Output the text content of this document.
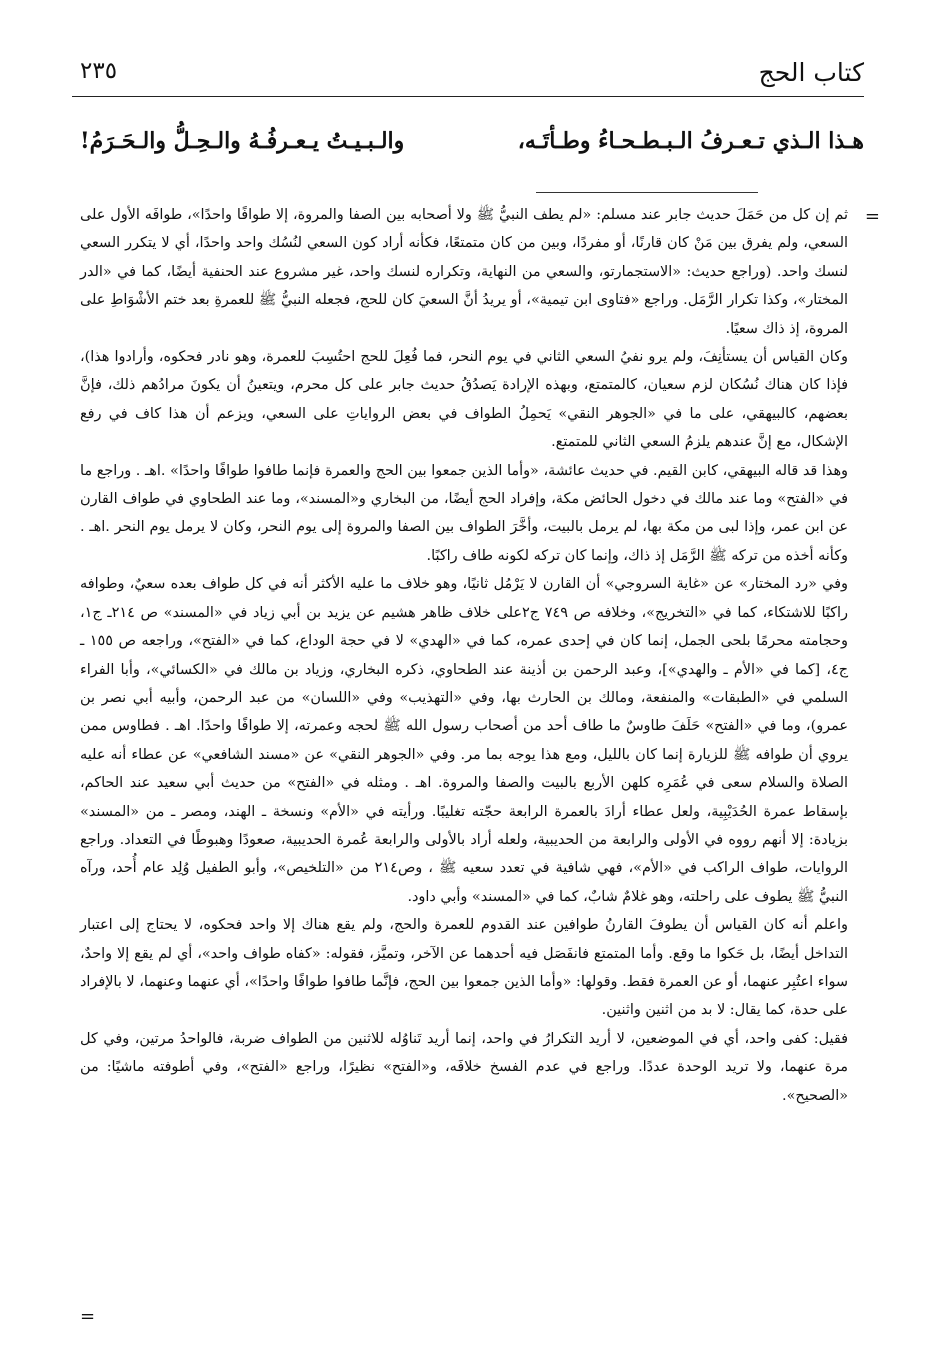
كتاب الحج
٢٣٥
هـذا الـذي تـعـرفُ الـبـطـحـاءُ وطـأتَـه،
والـبـيـتُ يـعـرفُـهُ والـحِـلُّ والـحَـرَمُ!
=

ثم إن كل من حَمَلَ حديث جابر عند مسلم: «لم يطف النبيُّ ﷺ ولا أصحابه بين الصفا والمروة، إلا طوافًا واحدًا»، طوافَه الأول على السعي، ولم يفرق بين مَنْ كان قارنًا، أو مفردًا، وبين من كان متمتعًا، فكأنه أراد كون السعي لنُسُك واحد واحدًا، أي لا يتكرر السعي لنسك واحد. (وراجع حديث: «الاستجمارتو، والسعي من النهاية، وتكراره لنسك واحد، غير مشروع عند الحنفية أيضًا، كما في «الدر المختار»، وكذا تكرار الرَّمَل. وراجع «فتاوى ابن تيمية»، أو يريدُ أنَّ السعيَ كان للحج، فجعله النبيُّ ﷺ للعمرةِ بعد ختم الأشْوَاطِ على المروة، إذ ذاك سعيًا.

وكان القياس أن يستأنِفَ، ولم يرو نفيُ السعي الثاني في يوم النحر، فما فُعِلَ للحج احتُسِبَ للعمرة، وهو نادر فحكوه، وأرادوا هذا)، فإذا كان هناك نُسُكان لزم سعيان، كالمتمتع، وبهذه الإرادة يَصدُقُ حديث جابر على كل محرم، ويتعينُ أن يكونَ مرادُهم ذلك، فإنَّ بعضهم، كالبيهقي، على ما في «الجوهر النقي» يَحمِلُ الطواف في بعض الرواياتِ على السعي، ويزعم أن هذا كاف في رفع الإشكال، مع إنَّ عندهم يلزمُ السعي الثاني للمتمتع.

وهذا قد قاله البيهقي، كابن القيم. في حديث عائشة، «وأما الذين جمعوا بين الحج والعمرة فإنما طافوا طوافًا واحدًا» .اهـ . وراجع ما في «الفتح» وما عند مالك في دخول الحائض مكة، وإفراد الحج أيضًا، من البخاري و«المسند»، وما عند الطحاوي في طواف القارن عن ابن عمر، وإذا لبى من مكة بها، لم يرمل بالبيت، وأخَّرَ الطواف بين الصفا والمروة إلى يوم النحر، وكان لا يرمل يوم النحر .اهـ . وكأنه أخذه من تركه ﷺ الرَّمَل إذ ذاك، وإنما كان تركه لكونه طاف راكبًا.

وفي «رد المختار» عن «غاية السروجي» أن القارن لا يَرْمُل ثانيًا، وهو خلاف ما عليه الأكثر أنه في كل طواف بعده سعيٌ، وطوافه راكبًا للاشتكاء، كما في «التخريج»، وخلافه ص ٧٤٩ ج٢على خلاف ظاهر هشيم عن يزيد بن أبي زياد في «المسند» ص ٢١٤ـ ج١، وحجامته محرمًا بلحى الجمل، إنما كان في إحدى عمره، كما في «الهدي» لا في حجة الوداع، كما في «الفتح»، وراجعه ص ١٥٥ ـ ج٤، [كما في «الأم ـ والهدي»]، وعبد الرحمن بن أذينة عند الطحاوي، ذكره البخاري، وزياد بن مالك في «الكسائي»، وأبا الفراء السلمي في «الطبقات» والمنفعة، ومالك بن الحارث بها، وفي «التهذيب» وفي «اللسان» من عبد الرحمن، وأبيه أبي نصر بن عمرو)، وما في «الفتح» حَلَفَ طاوسٌ ما طاف أحد من أصحاب رسول الله ﷺ لحجه وعمرته، إلا طوافًا واحدًا. اهـ . فطاوس ممن يروي أن طوافه ﷺ للزيارة إنما كان بالليل، ومع هذا يوجه بما مر. وفي «الجوهر النقي» عن «مسند الشافعي» عن عطاء أنه عليه الصلاة والسلام سعى في عُمَرِه كلهن الأربع بالبيت والصفا والمروة. اهـ . ومثله في «الفتح» من حديث أبي سعيد عند الحاكم، بإسقاط عمرة الحُدَيْبِية، ولعل عطاء أرادَ بالعمرة الرابعة حجّته تغليبًا. ورأيته في «الأم» ونسخة ـ الهند، ومصر ـ من «المسند» بزيادة: إلا أنهم رووه في الأولى والرابعة من الحديبية، ولعله أراد بالأولى والرابعة عُمرة الحديبية، صعودًا وهبوطًا في التعداد. وراجع الروايات، طواف الراكب في «الأم»، فهي شافية في تعدد سعيه ﷺ ، وص٢١٤ من «التلخيص»، وأبو الطفيل وُلِد عام أُحد، ورآه النبيُّ ﷺ يطوف على راحلته، وهو غلامٌ شابٌ، كما في «المسند» وأبي داود.

واعلم أنه كان القياس أن يطوفَ القارنُ طوافين عند القدوم للعمرة والحج، ولم يقع هناك إلا واحد فحكوه، لا يحتاج إلى اعتبار التداخل أيضًا، بل حَكوا ما وقع. وأما المتمتع فانفَصَل فيه أحدهما عن الآخر، وتميَّز، فقوله: «كفاه طواف واحد»، أي لم يقع إلا واحدٌ، سواء اعتُبِر عنهما، أو عن العمرة فقط. وقولها: «وأما الذين جمعوا بين الحج، فإنَّما طافوا طوافًا واحدًا»، أي عنهما وعنهما، لا بالإفراد على حدة، كما يقال: لا بد من اثنين واثنين.

فقيل: كفى واحد، أي في الموضعين، لا أريد التكرارُ في واحد، إنما أريد تَناوُله للاثنين من الطواف ضربة، فالواحدُ مرتين، وفي كل مرة عنهما، ولا تريد الوحدة عددًا. وراجع في عدم الفسخ خلافَه، و«الفتح» نظيرًا، وراجع «الفتح»، وفي أطوفته ماشيًا: من «الصحيح».

=
